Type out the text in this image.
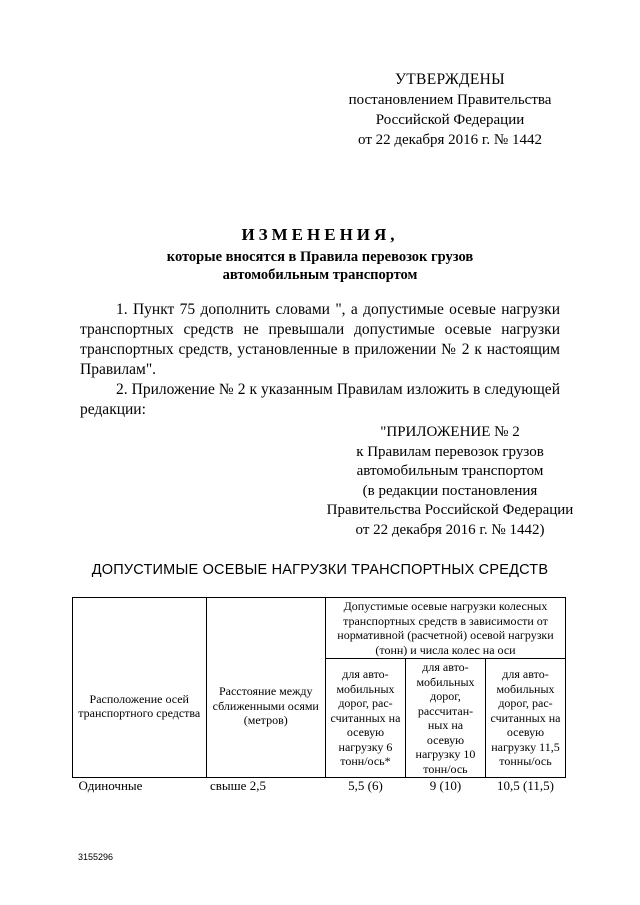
УТВЕРЖДЕНЫ
постановлением Правительства
Российской Федерации
от 22 декабря 2016 г. № 1442
ИЗМЕНЕНИЯ,
которые вносятся в Правила перевозок грузов
автомобильным транспортом

1. Пункт 75 дополнить словами ", а допустимые осевые нагрузки транспортных средств не превышали допустимые осевые нагрузки транспортных средств, установленные в приложении № 2 к настоящим Правилам".

2. Приложение № 2 к указанным Правилам изложить в следующей редакции:

"ПРИЛОЖЕНИЕ № 2
к Правилам перевозок грузов
автомобильным транспортом
(в редакции постановления
Правительства Российской Федерации
от 22 декабря 2016 г. № 1442)
ДОПУСТИМЫЕ ОСЕВЫЕ НАГРУЗКИ ТРАНСПОРТНЫХ СРЕДСТВ
Расположение осей транспортного средства	Расстояние между сближенными осями (метров)	Допустимые осевые нагрузки колесных транспортных средств в зависимости от нормативной (расчетной) осевой нагрузки (тонн) и числа колес на оси		
		для авто-мобильных дорог, рас-считанных на осевую нагрузку 6 тонн/ось*	для авто-мобильных дорог, рассчитан-ных на осевую нагрузку 10 тонн/ось	для авто-мобильных дорог, рас-считанных на осевую нагрузку 11,5 тонны/ось
Одиночные	свыше 2,5	5,5 (6)	9 (10)	10,5 (11,5)
3155296
